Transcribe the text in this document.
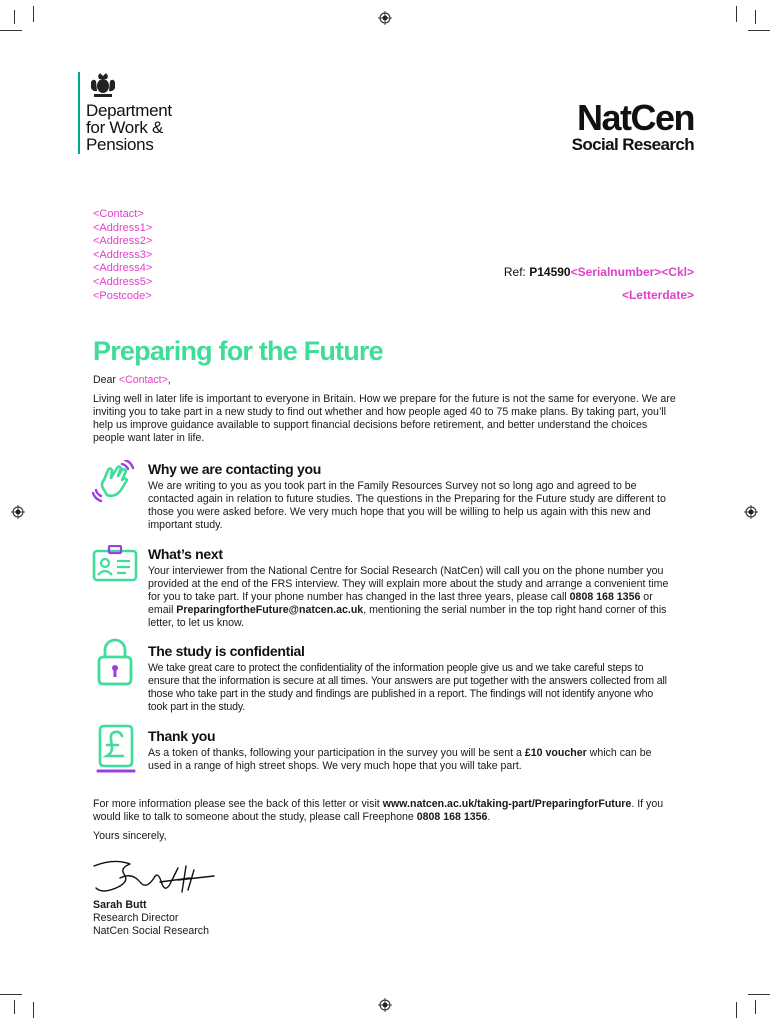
Department
for Work &
Pensions
NatCen
Social Research
<Contact>
<Address1>
<Address2>
<Address3>
<Address4>
<Address5>
<Postcode>
Ref: P14590<Serialnumber><Ckl>
<Letterdate>
Preparing for the Future
Dear <Contact>,
Living well in later life is important to everyone in Britain. How we prepare for the future is not the same for everyone. We are inviting you to take part in a new study to find out whether and how people aged 40 to 75 make plans. By taking part, you’ll help us improve guidance available to support financial decisions before retirement, and better understand the choices people want later in life.
Why we are contacting you
We are writing to you as you took part in the Family Resources Survey not so long ago and agreed to be contacted again in relation to future studies. The questions in the Preparing for the Future study are different to those you were asked before. We very much hope that you will be willing to help us again with this new and important study.
What’s next
Your interviewer from the National Centre for Social Research (NatCen) will call you on the phone number you provided at the end of the FRS interview. They will explain more about the study and arrange a convenient time for you to take part. If your phone number has changed in the last three years, please call 0808 168 1356 or email PreparingfortheFuture@natcen.ac.uk, mentioning the serial number in the top right hand corner of this letter, to let us know.
The study is confidential
We take great care to protect the confidentiality of the information people give us and we take careful steps to ensure that the information is secure at all times. Your answers are put together with the answers collected from all those who take part in the study and findings are published in a report. The findings will not identify anyone who took part in the study.
Thank you
As a token of thanks, following your participation in the survey you will be sent a £10 voucher which can be used in a range of high street shops. We very much hope that you will take part.
For more information please see the back of this letter or visit www.natcen.ac.uk/taking-part/PreparingforFuture. If you would like to talk to someone about the study, please call Freephone 0808 168 1356.
Yours sincerely,
Sarah Butt
Research Director
NatCen Social Research
